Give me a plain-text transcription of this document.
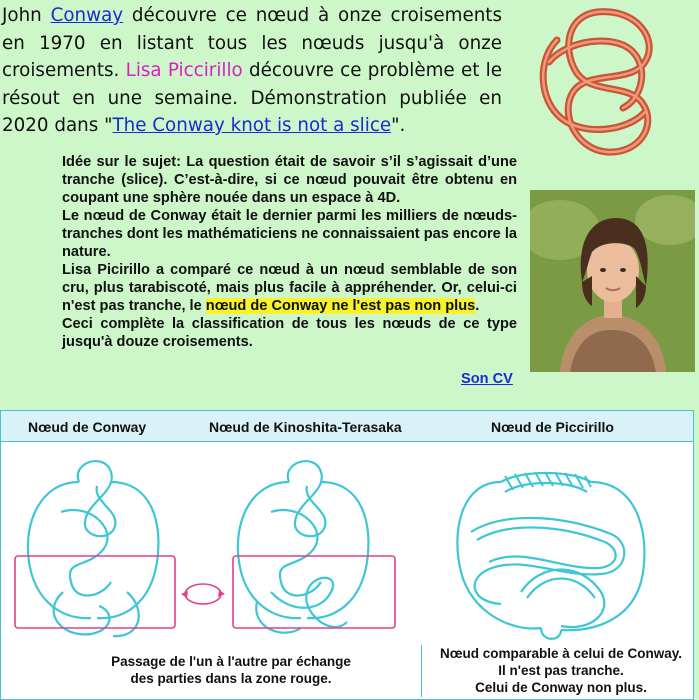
John Conway découvre ce nœud à onze croisements en 1970 en listant tous les nœuds jusqu'à onze croisements. Lisa Piccirillo découvre ce problème et le résout en une semaine. Démonstration publiée en 2020 dans "The Conway knot is not a slice".
Idée sur le sujet: La question était de savoir s’il s’agissait d’une tranche (slice). C’est-à-dire, si ce nœud pouvait être obtenu en coupant une sphère nouée dans un espace à 4D.
Le nœud de Conway était le dernier parmi les milliers de nœuds-tranches dont les mathématiciens ne connaissaient pas encore la nature.
Lisa Picirillo a comparé ce nœud à un nœud semblable de son cru, plus tarabiscoté, mais plus facile à appréhender. Or, celui-ci n'est pas tranche, le nœud de Conway ne l'est pas non plus.
Ceci complète la classification de tous les nœuds de ce type jusqu'à douze croisements.
Son CV
Nœud de Conway	Nœud de Kinoshita-Terasaka	Nœud de Piccirillo
Passage de l'un à l'autre par échange
des parties dans la zone rouge.
Nœud comparable à celui de Conway.
Il n'est pas tranche.
Celui de Conway non plus.
